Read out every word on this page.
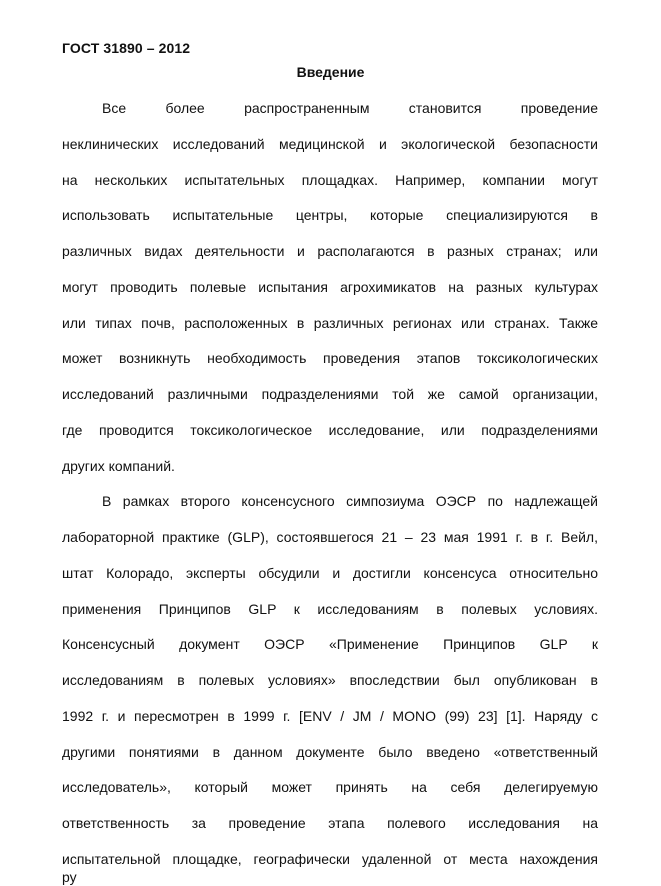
ГОСТ 31890 – 2012
Введение
Все более распространенным становится проведение
неклинических исследований медицинской и экологической безопасности
на нескольких испытательных площадках. Например, компании могут
использовать испытательные центры, которые специализируются в
различных видах деятельности и располагаются в разных странах; или
могут проводить полевые испытания агрохимикатов на разных культурах
или типах почв, расположенных в различных регионах или странах. Также
может возникнуть необходимость проведения этапов токсикологических
исследований различными подразделениями той же самой организации,
где проводится токсикологическое исследование, или подразделениями
других компаний.
В рамках второго консенсусного симпозиума ОЭСР по надлежащей
лабораторной практике (GLP), состоявшегося 21 – 23 мая 1991 г. в г. Вейл,
штат Колорадо, эксперты обсудили и достигли консенсуса относительно
применения Принципов GLP к исследованиям в полевых условиях.
Консенсусный документ ОЭСР «Применение Принципов GLP к
исследованиям в полевых условиях» впоследствии был опубликован в
1992 г. и пересмотрен в 1999 г. [ENV / JM / MONO (99) 23] [1]. Наряду с
другими понятиями в данном документе было введено «ответственный
исследователь», который может принять на себя делегируемую
ответственность за проведение этапа полевого исследования на
испытательной площадке, географически удаленной от места нахождения
ру
